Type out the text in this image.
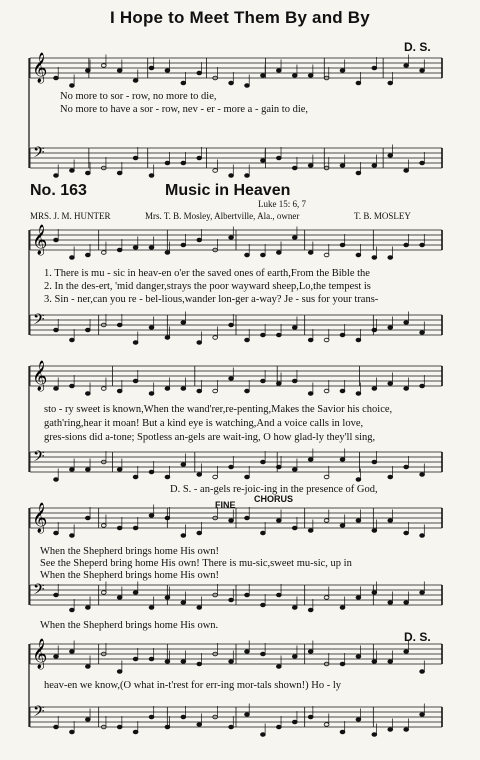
I Hope to Meet Them By and By
𝄞
𝄢
𝄞
𝄢
𝄞
𝄢
𝄞
𝄢
𝄞
𝄢
D. S.
No more to sor - row, no more to die,
No more to have a sor - row, nev - er - more a - gain to die,
No. 163	Music in Heaven
Luke 15: 6, 7
MRS. J. M. HUNTER	Mrs. T. B. Mosley, Albertville, Ala., owner	T. B. MOSLEY
1. There is mu - sic in heav-en o'er the saved ones of earth,From the Bible the
2. In the des-ert, 'mid danger,strays the poor wayward sheep,Lo,the tempest is
3. Sin - ner,can you re - bel-lious,wander lon-ger a-way? Je - sus for your trans-
sto - ry sweet is known,When the wand'rer,re-penting,Makes the Savior his choice,
gath'ring,hear it moan! But a kind eye is watching,And a voice calls in love,
gres-sions did a-tone; Spotless an-gels are wait-ing, O how glad-ly they'll sing,
D. S. - an-gels re-joic-ing in the presence of God,
FINE
CHORUS
When the Shepherd brings home His own!
See the Sheperd bring home His own! There is mu-sic,sweet mu-sic, up in
When the Shepherd brings home His own!
When the Shepherd brings home His own.
D. S.
heav-en we know,(O what in-t'rest for err-ing mor-tals shown!) Ho - ly
